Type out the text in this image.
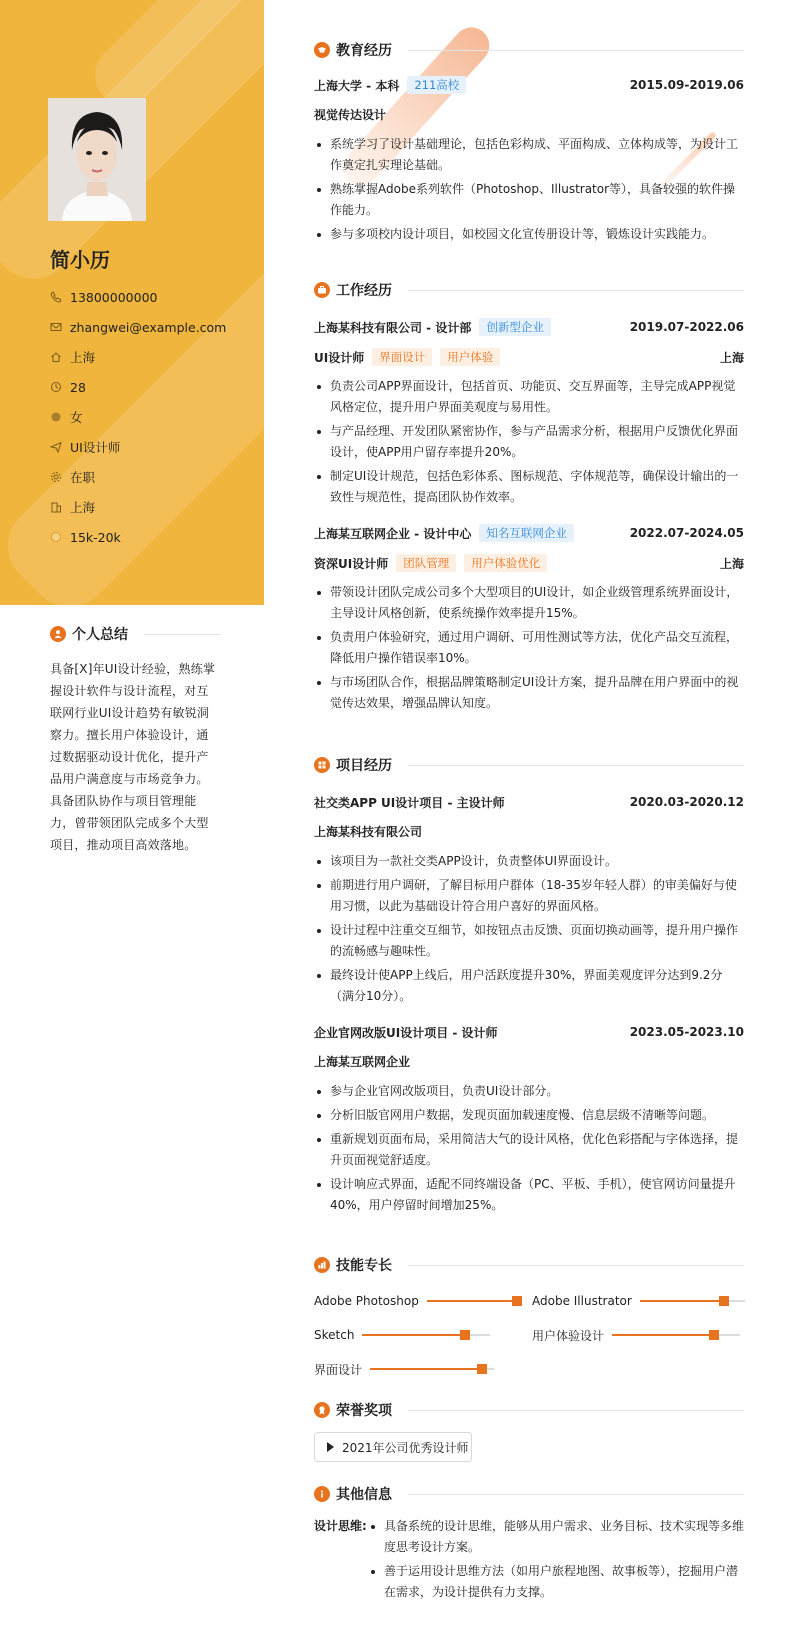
简小历
13800000000
zhangwei@example.com
上海
28
女
UI设计师
在职
上海
15k-20k
个人总结
具备[X]年UI设计经验，熟练掌握设计软件与设计流程，对互联网行业UI设计趋势有敏锐洞察力。擅长用户体验设计，通过数据驱动设计优化，提升产品用户满意度与市场竞争力。具备团队协作与项目管理能力，曾带领团队完成多个大型项目，推动项目高效落地。
教育经历
上海大学 - 本科	211高校	2015.09-2019.06
视觉传达设计
系统学习了设计基础理论，包括色彩构成、平面构成、立体构成等，为设计工作奠定扎实理论基础。
熟练掌握Adobe系列软件（Photoshop、Illustrator等），具备较强的软件操作能力。
参与多项校内设计项目，如校园文化宣传册设计等，锻炼设计实践能力。
工作经历
上海某科技有限公司 - 设计部	创新型企业	2019.07-2022.06
UI设计师	界面设计	用户体验	上海
负责公司APP界面设计，包括首页、功能页、交互界面等，主导完成APP视觉风格定位，提升用户界面美观度与易用性。
与产品经理、开发团队紧密协作，参与产品需求分析，根据用户反馈优化界面设计，使APP用户留存率提升20%。
制定UI设计规范，包括色彩体系、图标规范、字体规范等，确保设计输出的一致性与规范性，提高团队协作效率。
上海某互联网企业 - 设计中心	知名互联网企业	2022.07-2024.05
资深UI设计师	团队管理	用户体验优化	上海
带领设计团队完成公司多个大型项目的UI设计，如企业级管理系统界面设计，主导设计风格创新，使系统操作效率提升15%。
负责用户体验研究，通过用户调研、可用性测试等方法，优化产品交互流程，降低用户操作错误率10%。
与市场团队合作，根据品牌策略制定UI设计方案，提升品牌在用户界面中的视觉传达效果，增强品牌认知度。
项目经历
社交类APP UI设计项目 - 主设计师	2020.03-2020.12
上海某科技有限公司
该项目为一款社交类APP设计，负责整体UI界面设计。
前期进行用户调研，了解目标用户群体（18-35岁年轻人群）的审美偏好与使用习惯，以此为基础设计符合用户喜好的界面风格。
设计过程中注重交互细节，如按钮点击反馈、页面切换动画等，提升用户操作的流畅感与趣味性。
最终设计使APP上线后，用户活跃度提升30%，界面美观度评分达到9.2分（满分10分）。
企业官网改版UI设计项目 - 设计师	2023.05-2023.10
上海某互联网企业
参与企业官网改版项目，负责UI设计部分。
分析旧版官网用户数据，发现页面加载速度慢、信息层级不清晰等问题。
重新规划页面布局，采用简洁大气的设计风格，优化色彩搭配与字体选择，提升页面视觉舒适度。
设计响应式界面，适配不同终端设备（PC、平板、手机），使官网访问量提升40%，用户停留时间增加25%。
技能专长
Adobe Photoshop	Adobe Illustrator
Sketch	用户体验设计
界面设计
荣誉奖项
2021年公司优秀设计师
其他信息
设计思维:	具备系统的设计思维，能够从用户需求、业务目标、技术实现等多维度思考设计方案。
善于运用设计思维方法（如用户旅程地图、故事板等），挖掘用户潜在需求，为设计提供有力支撑。
